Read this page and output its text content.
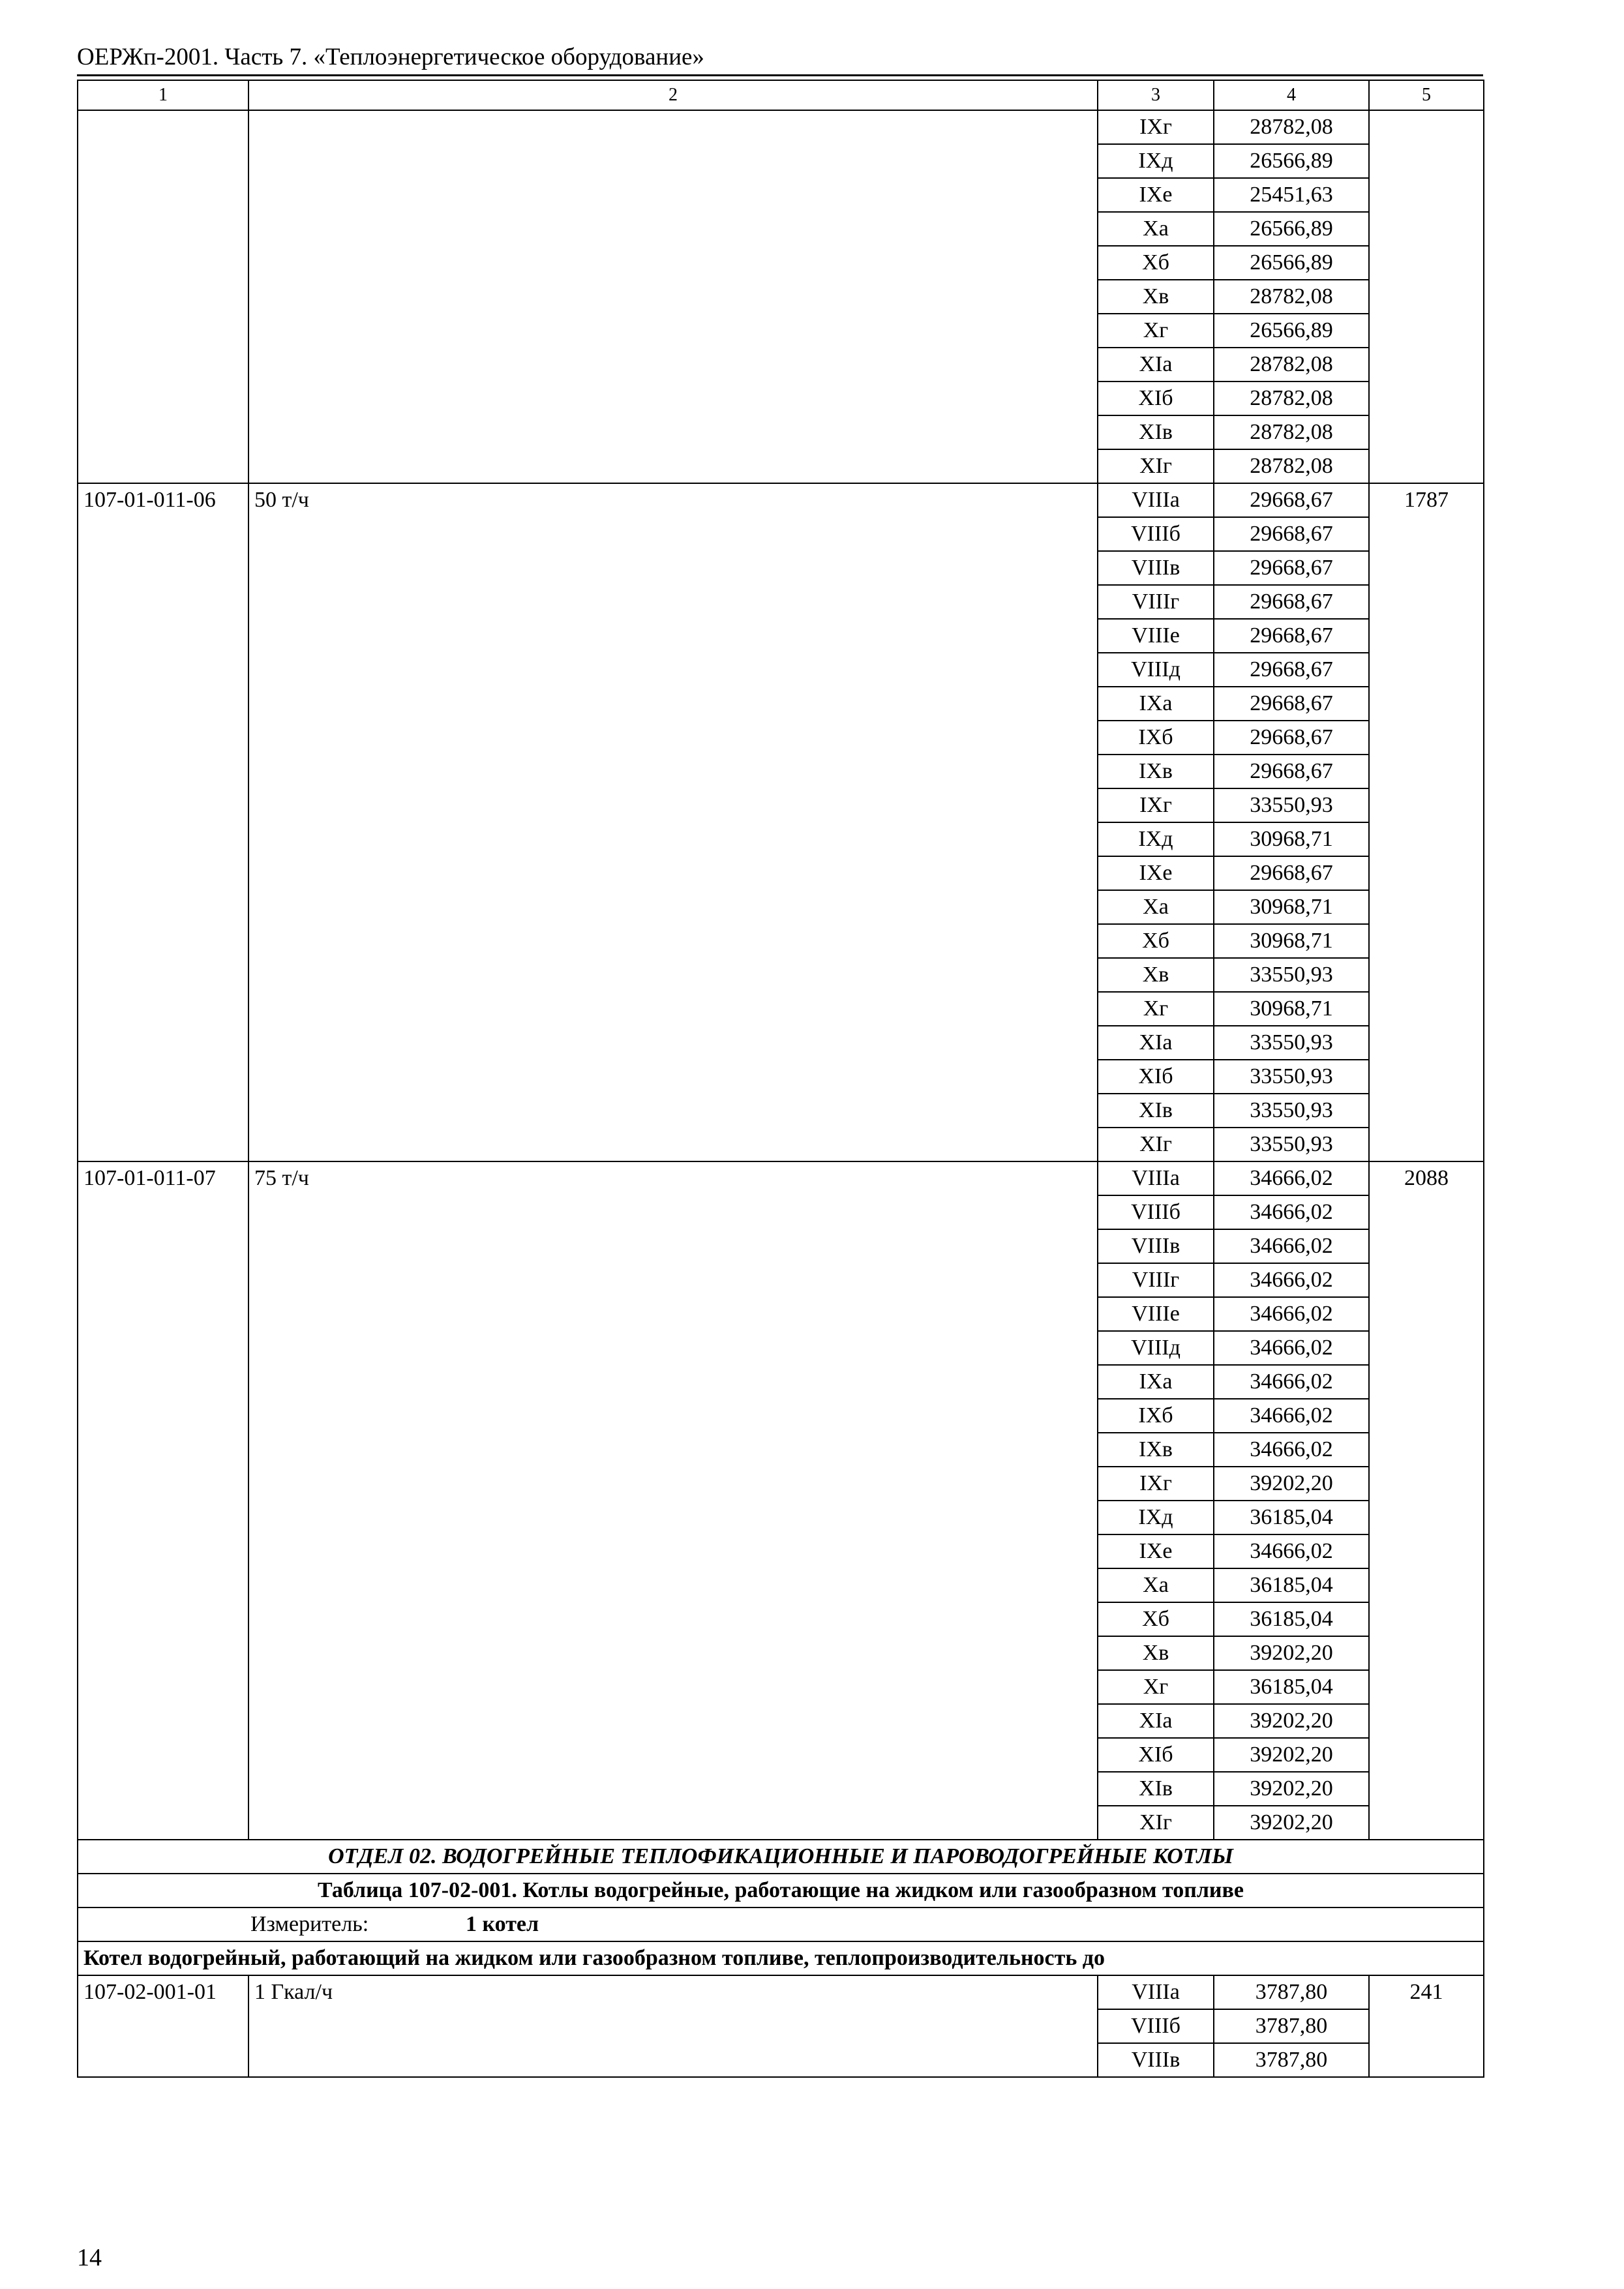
ОЕРЖп-2001. Часть 7. «Теплоэнергетическое оборудование»
1	2	3	4	5
		IXг	28782,08	
		IXд	26566,89	
		IXе	25451,63	
		Xа	26566,89	
		Xб	26566,89	
		Xв	28782,08	
		Xг	26566,89	
		XIа	28782,08	
		XIб	28782,08	
		XIв	28782,08	
		XIг	28782,08	
107-01-011-06	50 т/ч	VIIIа	29668,67	1787
		VIIIб	29668,67	
		VIIIв	29668,67	
		VIIIг	29668,67	
		VIIIе	29668,67	
		VIIIд	29668,67	
		IXа	29668,67	
		IXб	29668,67	
		IXв	29668,67	
		IXг	33550,93	
		IXд	30968,71	
		IXе	29668,67	
		Xа	30968,71	
		Xб	30968,71	
		Xв	33550,93	
		Xг	30968,71	
		XIа	33550,93	
		XIб	33550,93	
		XIв	33550,93	
		XIг	33550,93	
107-01-011-07	75 т/ч	VIIIа	34666,02	2088
		VIIIб	34666,02	
		VIIIв	34666,02	
		VIIIг	34666,02	
		VIIIе	34666,02	
		VIIIд	34666,02	
		IXа	34666,02	
		IXб	34666,02	
		IXв	34666,02	
		IXг	39202,20	
		IXд	36185,04	
		IXе	34666,02	
		Xа	36185,04	
		Xб	36185,04	
		Xв	39202,20	
		Xг	36185,04	
		XIа	39202,20	
		XIб	39202,20	
		XIв	39202,20	
		XIг	39202,20	
ОТДЕЛ 02. ВОДОГРЕЙНЫЕ ТЕПЛОФИКАЦИОННЫЕ И ПАРОВОДОГРЕЙНЫЕ КОТЛЫ				
Таблица 107-02-001. Котлы водогрейные, работающие на жидком или газообразном топливе				
Измеритель: 1 котел				
Котел водогрейный, работающий на жидком или газообразном топливе, теплопроизводительность до				
107-02-001-01	1 Гкал/ч	VIIIа	3787,80	241
		VIIIб	3787,80	
		VIIIв	3787,80	
14
